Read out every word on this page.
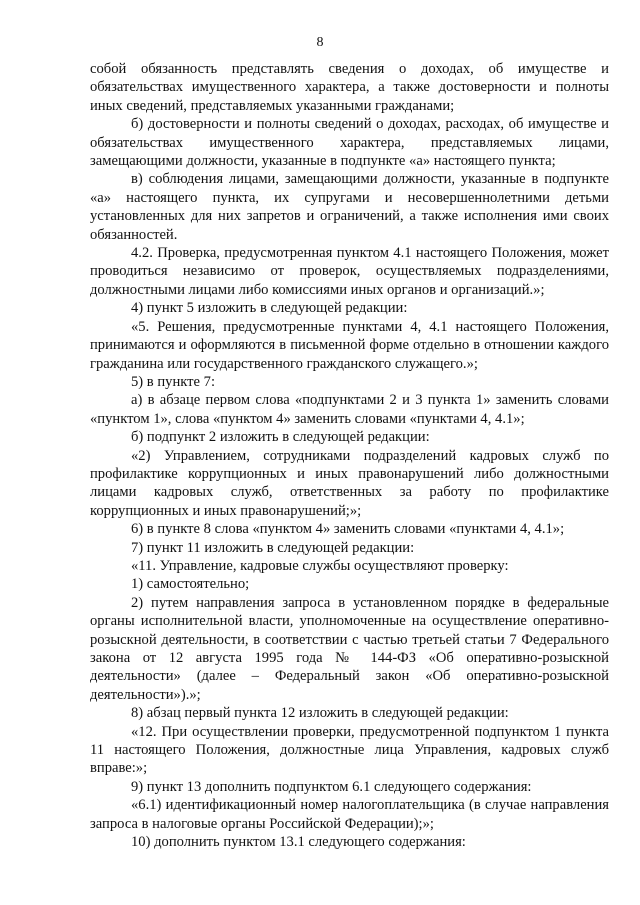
8

собой обязанность представлять сведения о доходах, об имуществе и обязательствах имущественного характера, а также достоверности и полноты иных сведений, представляемых указанными гражданами;

б) достоверности и полноты сведений о доходах, расходах, об имуществе и обязательствах имущественного характера, представляемых лицами, замещающими должности, указанные в подпункте «а» настоящего пункта;

в) соблюдения лицами, замещающими должности, указанные в подпункте «а» настоящего пункта, их супругами и несовершеннолетними детьми установленных для них запретов и ограничений, а также исполнения ими своих обязанностей.

4.2. Проверка, предусмотренная пунктом 4.1 настоящего Положения, может проводиться независимо от проверок, осуществляемых подразделениями, должностными лицами либо комиссиями иных органов и организаций.»;

4) пункт 5 изложить в следующей редакции:

«5. Решения, предусмотренные пунктами 4, 4.1 настоящего Положения, принимаются и оформляются в письменной форме отдельно в отношении каждого гражданина или государственного гражданского служащего.»;

5) в пункте 7:

а) в абзаце первом слова «подпунктами 2 и 3 пункта 1» заменить словами «пунктом 1», слова «пунктом 4» заменить словами «пунктами 4, 4.1»;

б) подпункт 2 изложить в следующей редакции:

«2) Управлением, сотрудниками подразделений кадровых служб по профилактике коррупционных и иных правонарушений либо должностными лицами кадровых служб, ответственных за работу по профилактике коррупционных и иных правонарушений;»;

6) в пункте 8 слова «пунктом 4» заменить словами «пунктами 4, 4.1»;

7) пункт 11 изложить в следующей редакции:

«11. Управление, кадровые службы осуществляют проверку:

1) самостоятельно;

2) путем направления запроса в установленном порядке в федеральные органы исполнительной власти, уполномоченные на осуществление оперативно-розыскной деятельности, в соответствии с частью третьей статьи 7 Федерального закона от 12 августа 1995 года № 144-ФЗ «Об оперативно-розыскной деятельности» (далее – Федеральный закон «Об оперативно-розыскной деятельности»).»;

8) абзац первый пункта 12 изложить в следующей редакции:

«12. При осуществлении проверки, предусмотренной подпунктом 1 пункта 11 настоящего Положения, должностные лица Управления, кадровых служб вправе:»;

9) пункт 13 дополнить подпунктом 6.1 следующего содержания:

«6.1) идентификационный номер налогоплательщика (в случае направления запроса в налоговые органы Российской Федерации);»;

10) дополнить пунктом 13.1 следующего содержания:
